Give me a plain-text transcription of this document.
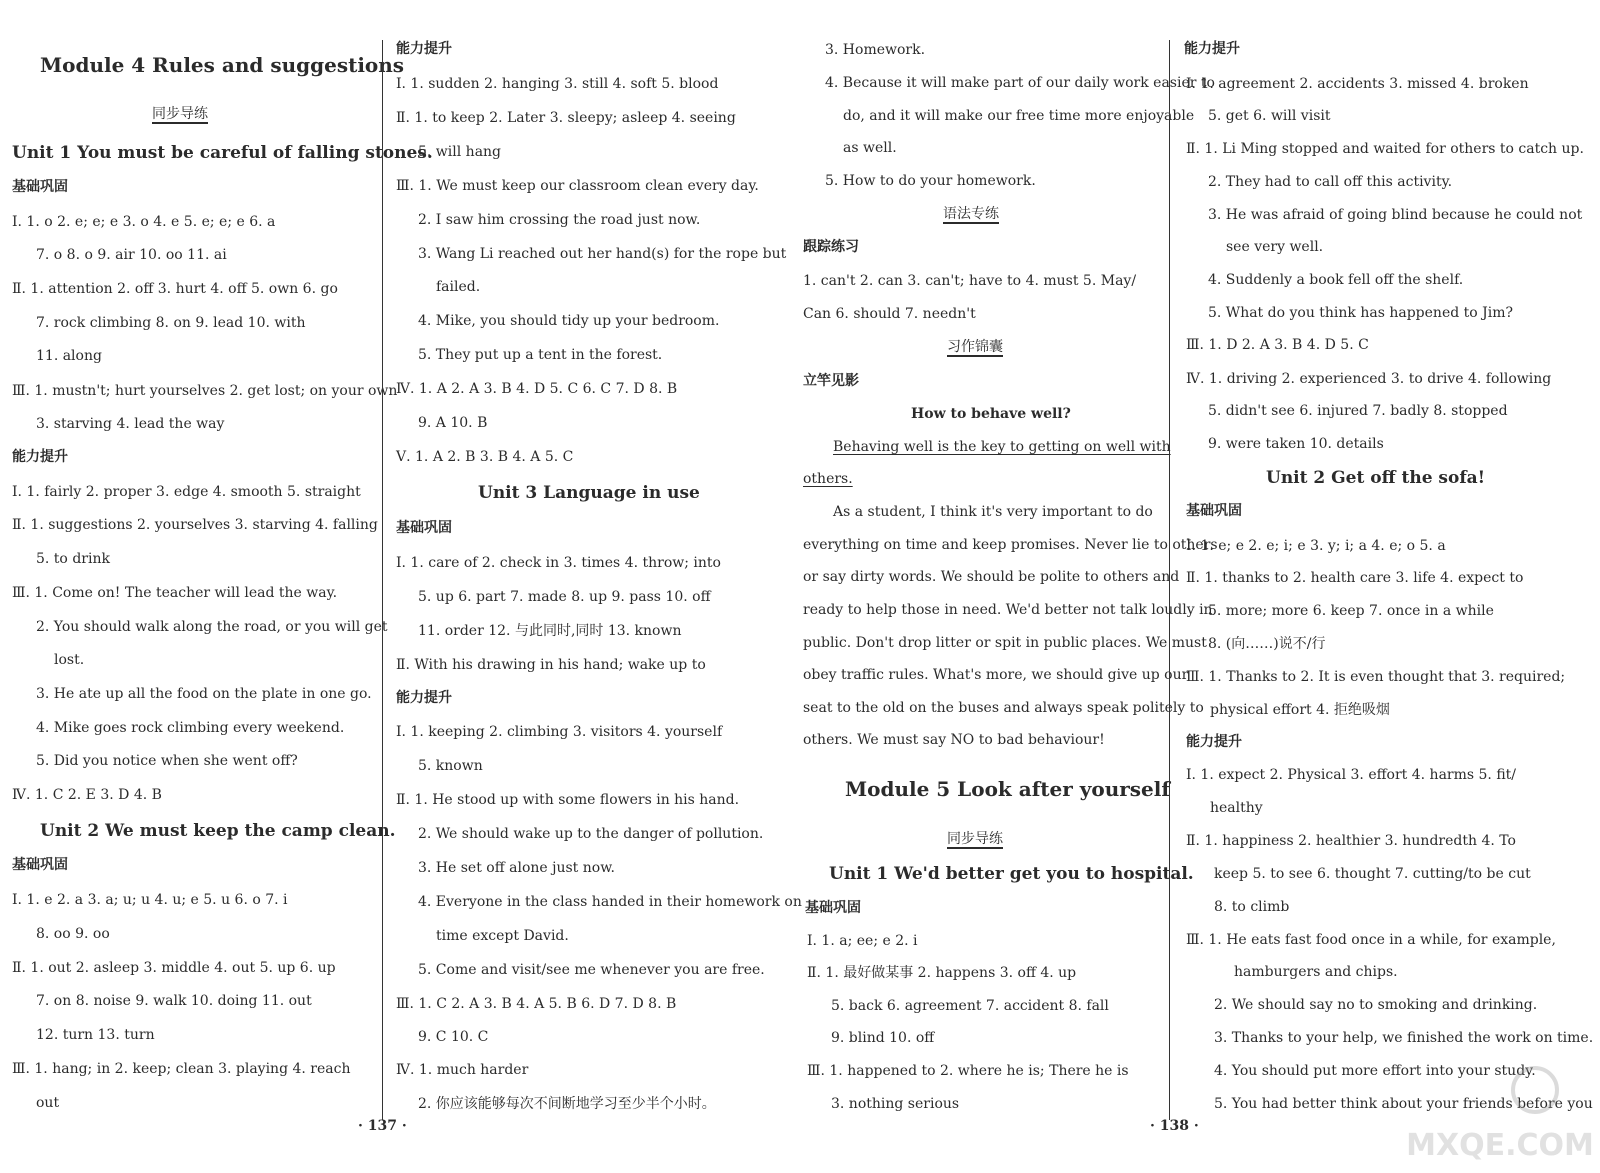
Module 4 Rules and suggestions
同步导练
Unit 1 You must be careful of falling stones.
基础巩固
Ⅰ. 1. o 2. e; e; e 3. o 4. e 5. e; e; e 6. a
7. o 8. o 9. air 10. oo 11. ai
Ⅱ. 1. attention 2. off 3. hurt 4. off 5. own 6. go
7. rock climbing 8. on 9. lead 10. with
11. along
Ⅲ. 1. mustn't; hurt yourselves 2. get lost; on your own
3. starving 4. lead the way
能力提升
Ⅰ. 1. fairly 2. proper 3. edge 4. smooth 5. straight
Ⅱ. 1. suggestions 2. yourselves 3. starving 4. falling
5. to drink
Ⅲ. 1. Come on! The teacher will lead the way.
2. You should walk along the road, or you will get
lost.
3. He ate up all the food on the plate in one go.
4. Mike goes rock climbing every weekend.
5. Did you notice when she went off?
Ⅳ. 1. C 2. E 3. D 4. B
Unit 2 We must keep the camp clean.
基础巩固
Ⅰ. 1. e 2. a 3. a; u; u 4. u; e 5. u 6. o 7. i
8. oo 9. oo
Ⅱ. 1. out 2. asleep 3. middle 4. out 5. up 6. up
7. on 8. noise 9. walk 10. doing 11. out
12. turn 13. turn
Ⅲ. 1. hang; in 2. keep; clean 3. playing 4. reach
out
能力提升
Ⅰ. 1. sudden 2. hanging 3. still 4. soft 5. blood
Ⅱ. 1. to keep 2. Later 3. sleepy; asleep 4. seeing
5. will hang
Ⅲ. 1. We must keep our classroom clean every day.
2. I saw him crossing the road just now.
3. Wang Li reached out her hand(s) for the rope but
failed.
4. Mike, you should tidy up your bedroom.
5. They put up a tent in the forest.
Ⅳ. 1. A 2. A 3. B 4. D 5. C 6. C 7. D 8. B
9. A 10. B
Ⅴ. 1. A 2. B 3. B 4. A 5. C
Unit 3 Language in use
基础巩固
Ⅰ. 1. care of 2. check in 3. times 4. throw; into
5. up 6. part 7. made 8. up 9. pass 10. off
11. order 12. 与此同时,同时 13. known
Ⅱ. With his drawing in his hand; wake up to
能力提升
Ⅰ. 1. keeping 2. climbing 3. visitors 4. yourself
5. known
Ⅱ. 1. He stood up with some flowers in his hand.
2. We should wake up to the danger of pollution.
3. He set off alone just now.
4. Everyone in the class handed in their homework on
time except David.
5. Come and visit/see me whenever you are free.
Ⅲ. 1. C 2. A 3. B 4. A 5. B 6. D 7. D 8. B
9. C 10. C
Ⅳ. 1. much harder
2. 你应该能够每次不间断地学习至少半个小时。
3. Homework.
4. Because it will make part of our daily work easier to
do, and it will make our free time more enjoyable
as well.
5. How to do your homework.
语法专练
跟踪练习
1. can't 2. can 3. can't; have to 4. must 5. May/
Can 6. should 7. needn't
习作锦囊
立竿见影
How to behave well?
Behaving well is the key to getting on well with
others.
As a student, I think it's very important to do
everything on time and keep promises. Never lie to others
or say dirty words. We should be polite to others and
ready to help those in need. We'd better not talk loudly in
public. Don't drop litter or spit in public places. We must
obey traffic rules. What's more, we should give up our
seat to the old on the buses and always speak politely to
others. We must say NO to bad behaviour!
Module 5 Look after yourself
同步导练
Unit 1 We'd better get you to hospital.
基础巩固
Ⅰ. 1. a; ee; e 2. i
Ⅱ. 1. 最好做某事 2. happens 3. off 4. up
5. back 6. agreement 7. accident 8. fall
9. blind 10. off
Ⅲ. 1. happened to 2. where he is; There he is
3. nothing serious
能力提升
Ⅰ. 1. agreement 2. accidents 3. missed 4. broken
5. get 6. will visit
Ⅱ. 1. Li Ming stopped and waited for others to catch up.
2. They had to call off this activity.
3. He was afraid of going blind because he could not
see very well.
4. Suddenly a book fell off the shelf.
5. What do you think has happened to Jim?
Ⅲ. 1. D 2. A 3. B 4. D 5. C
Ⅳ. 1. driving 2. experienced 3. to drive 4. following
5. didn't see 6. injured 7. badly 8. stopped
9. were taken 10. details
Unit 2 Get off the sofa!
基础巩固
Ⅰ. 1. e; e 2. e; i; e 3. y; i; a 4. e; o 5. a
Ⅱ. 1. thanks to 2. health care 3. life 4. expect to
5. more; more 6. keep 7. once in a while
8. (向……)说不/行
Ⅲ. 1. Thanks to 2. It is even thought that 3. required;
physical effort 4. 拒绝吸烟
能力提升
Ⅰ. 1. expect 2. Physical 3. effort 4. harms 5. fit/
healthy
Ⅱ. 1. happiness 2. healthier 3. hundredth 4. To
keep 5. to see 6. thought 7. cutting/to be cut
8. to climb
Ⅲ. 1. He eats fast food once in a while, for example,
hamburgers and chips.
2. We should say no to smoking and drinking.
3. Thanks to your help, we finished the work on time.
4. You should put more effort into your study.
5. You had better think about your friends before you
· 137 ·	· 138 ·
MXQE.COM
